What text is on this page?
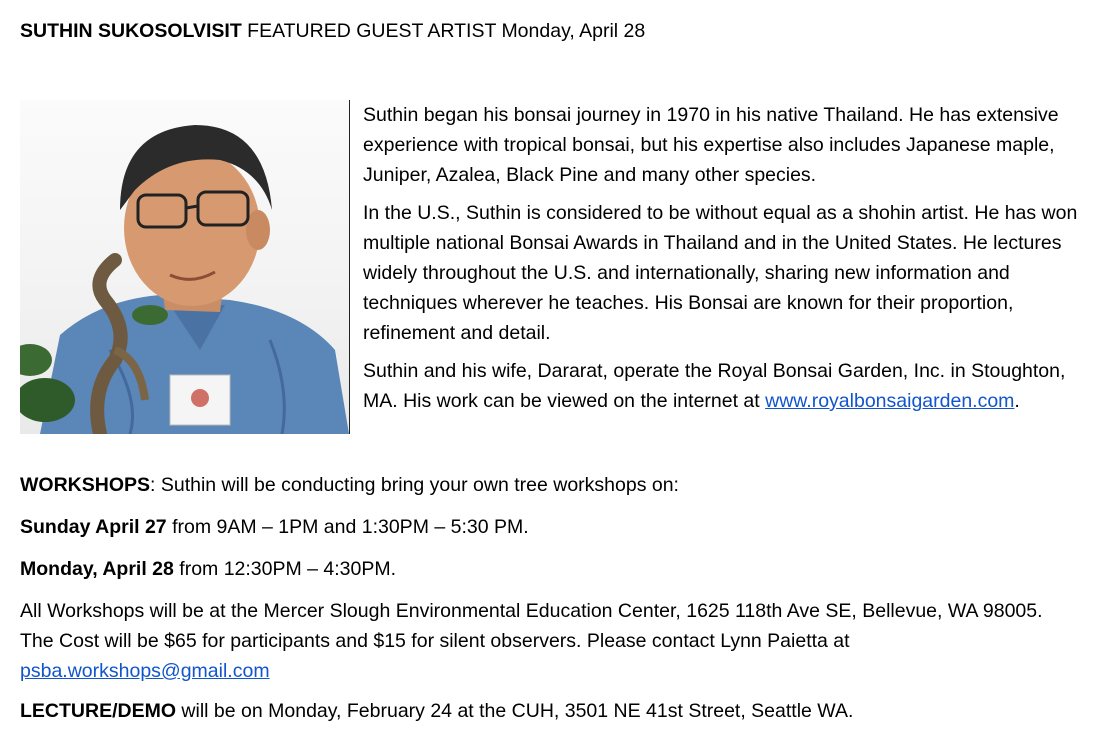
SUTHIN SUKOSOLVISIT FEATURED GUEST ARTIST Monday, April 28

Suthin began his bonsai journey in 1970 in his native Thailand. He has extensive experience with tropical bonsai, but his expertise also includes Japanese maple, Juniper, Azalea, Black Pine and many other species.

In the U.S., Suthin is considered to be without equal as a shohin artist. He has won multiple national Bonsai Awards in Thailand and in the United States. He lectures widely throughout the U.S. and internationally, sharing new information and techniques wherever he teaches. His Bonsai are known for their proportion, refinement and detail.

Suthin and his wife, Dararat, operate the Royal Bonsai Garden, Inc. in Stoughton, MA. His work can be viewed on the internet at www.royalbonsaigarden.com.

WORKSHOPS: Suthin will be conducting bring your own tree workshops on:

Sunday April 27 from 9AM – 1PM and 1:30PM – 5:30 PM.

Monday, April 28 from 12:30PM – 4:30PM.

All Workshops will be at the Mercer Slough Environmental Education Center, 1625 118th Ave SE, Bellevue, WA 98005. The Cost will be $65 for participants and $15 for silent observers. Please contact Lynn Paietta at psba.workshops@gmail.com

LECTURE/DEMO will be on Monday, February 24 at the CUH, 3501 NE 41st Street, Seattle WA.
